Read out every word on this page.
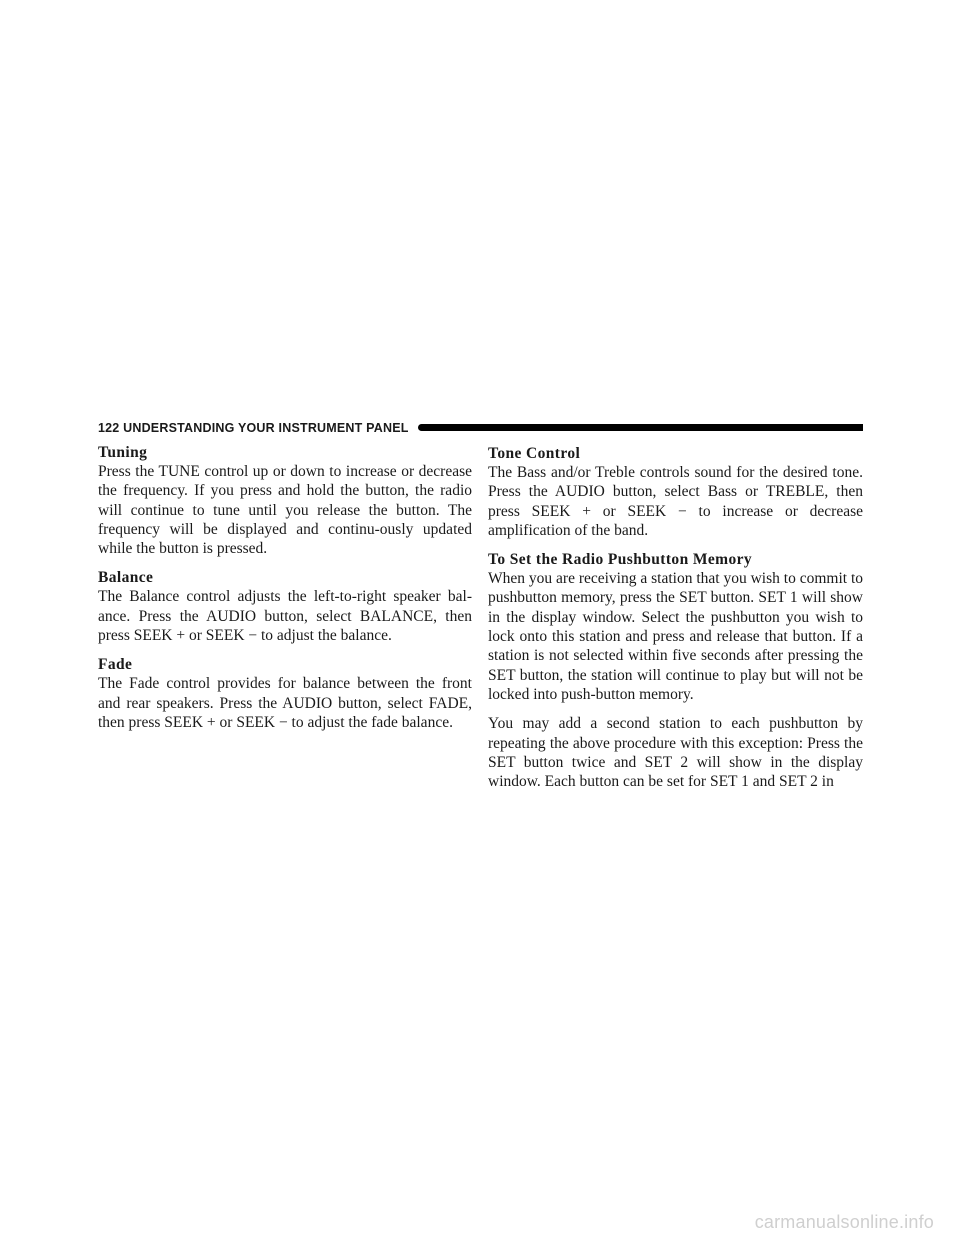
122 UNDERSTANDING YOUR INSTRUMENT PANEL
Tuning

Press the TUNE control up or down to increase or decrease the frequency. If you press and hold the button, the radio will continue to tune until you release the button. The frequency will be displayed and continu-ously updated while the button is pressed.

Balance

The Balance control adjusts the left-to-right speaker bal-ance. Press the AUDIO button, select BALANCE, then press SEEK + or SEEK − to adjust the balance.

Fade

The Fade control provides for balance between the front and rear speakers. Press the AUDIO button, select FADE, then press SEEK + or SEEK − to adjust the fade balance.

Tone Control

The Bass and/or Treble controls sound for the desired tone. Press the AUDIO button, select Bass or TREBLE, then press SEEK + or SEEK − to increase or decrease amplification of the band.

To Set the Radio Pushbutton Memory

When you are receiving a station that you wish to commit to pushbutton memory, press the SET button. SET 1 will show in the display window. Select the pushbutton you wish to lock onto this station and press and release that button. If a station is not selected within five seconds after pressing the SET button, the station will continue to play but will not be locked into push-button memory.

You may add a second station to each pushbutton by repeating the above procedure with this exception: Press the SET button twice and SET 2 will show in the display window. Each button can be set for SET 1 and SET 2 in

carmanualsonline.info
